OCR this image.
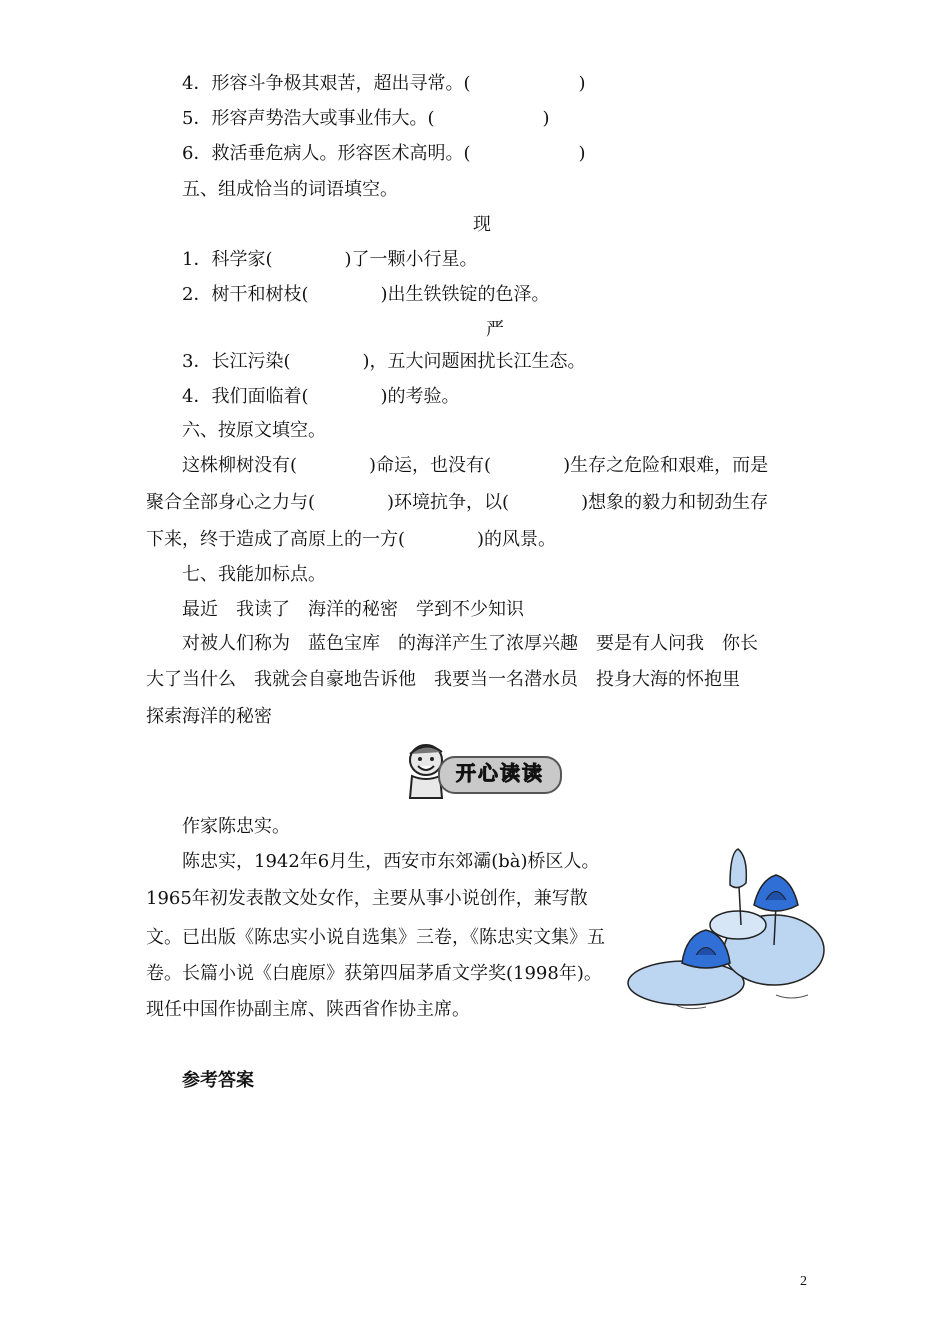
4．形容斗争极其艰苦，超出寻常。(　　　　　　)
5．形容声势浩大或事业伟大。(　　　　　　)
6．救活垂危病人。形容医术高明。(　　　　　　)
五、组成恰当的词语填空。
现
1．科学家(　　　　)了一颗小行星。
2．树干和树枝(　　　　)出生铁铁锭的色泽。
严
3．长江污染(　　　　)，五大问题困扰长江生态。
4．我们面临着(　　　　)的考验。
六、按原文填空。
这株柳树没有(　　　　)命运，也没有(　　　　)生存之危险和艰难，而是
聚合全部身心之力与(　　　　)环境抗争，以(　　　　)想象的毅力和韧劲生存
下来，终于造成了高原上的一方(　　　　)的风景。
七、我能加标点。
最近　我读了　海洋的秘密　学到不少知识
对被人们称为　蓝色宝库　的海洋产生了浓厚兴趣　要是有人问我　你长
大了当什么　我就会自豪地告诉他　我要当一名潜水员　投身大海的怀抱里
探索海洋的秘密
开心读读
作家陈忠实。
陈忠实，1942年6月生，西安市东郊灞(bà)桥区人。
1965年初发表散文处女作，主要从事小说创作，兼写散
文。已出版《陈忠实小说自选集》三卷，《陈忠实文集》五
卷。长篇小说《白鹿原》获第四届茅盾文学奖(1998年)。
现任中国作协副主席、陕西省作协主席。
参考答案
2
